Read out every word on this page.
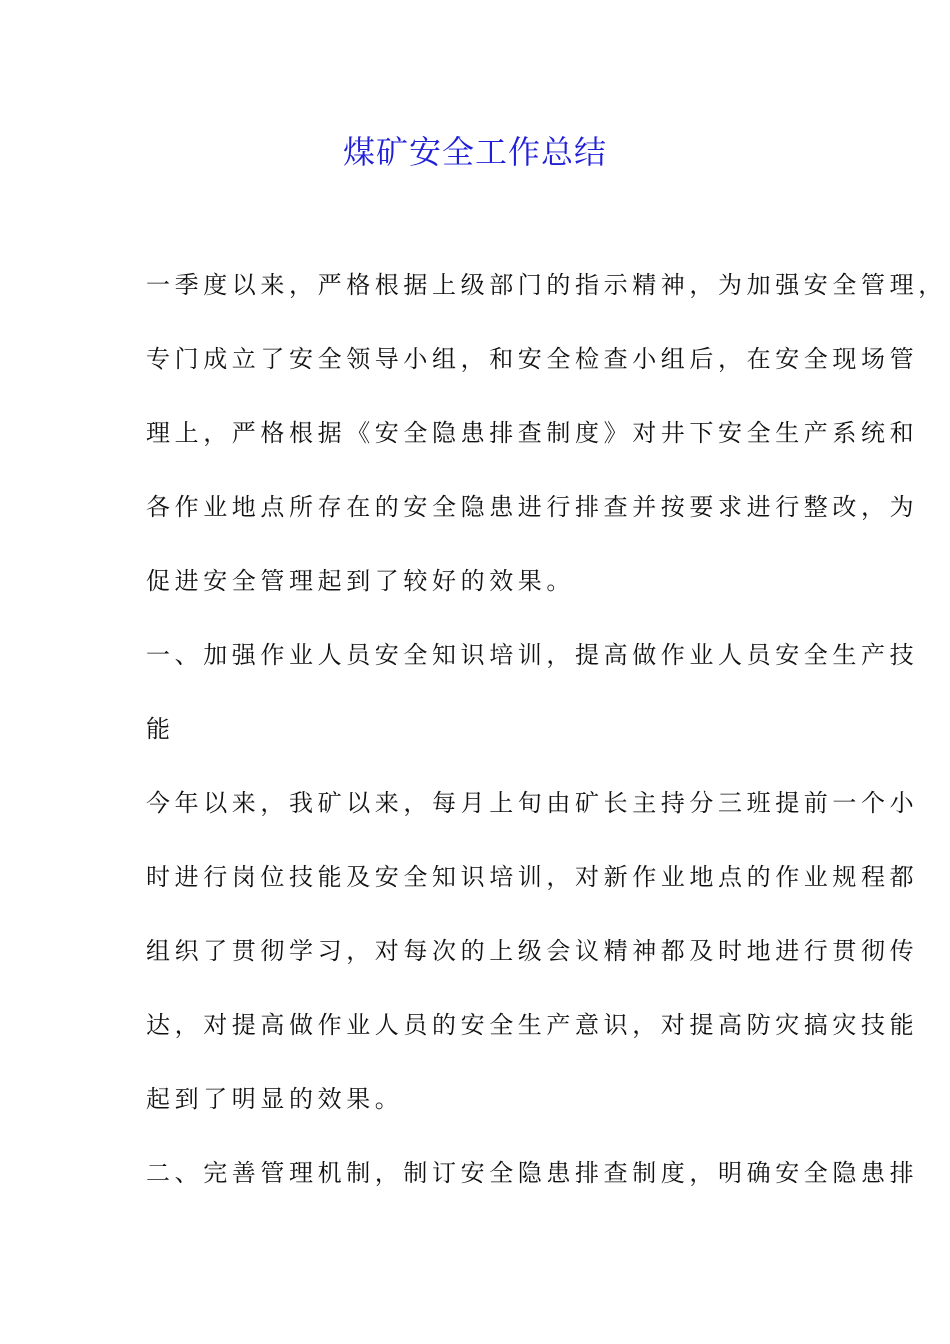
煤矿安全工作总结
一季度以来，严格根据上级部门的指示精神，为加强安全管理，
专门成立了安全领导小组，和安全检查小组后，在安全现场管
理上，严格根据《安全隐患排查制度》对井下安全生产系统和
各作业地点所存在的安全隐患进行排查并按要求进行整改，为
促进安全管理起到了较好的效果。
一、加强作业人员安全知识培训，提高做作业人员安全生产技
能
今年以来，我矿以来，每月上旬由矿长主持分三班提前一个小
时进行岗位技能及安全知识培训，对新作业地点的作业规程都
组织了贯彻学习，对每次的上级会议精神都及时地进行贯彻传
达，对提高做作业人员的安全生产意识，对提高防灾搞灾技能
起到了明显的效果。
二、完善管理机制，制订安全隐患排查制度，明确安全隐患排
